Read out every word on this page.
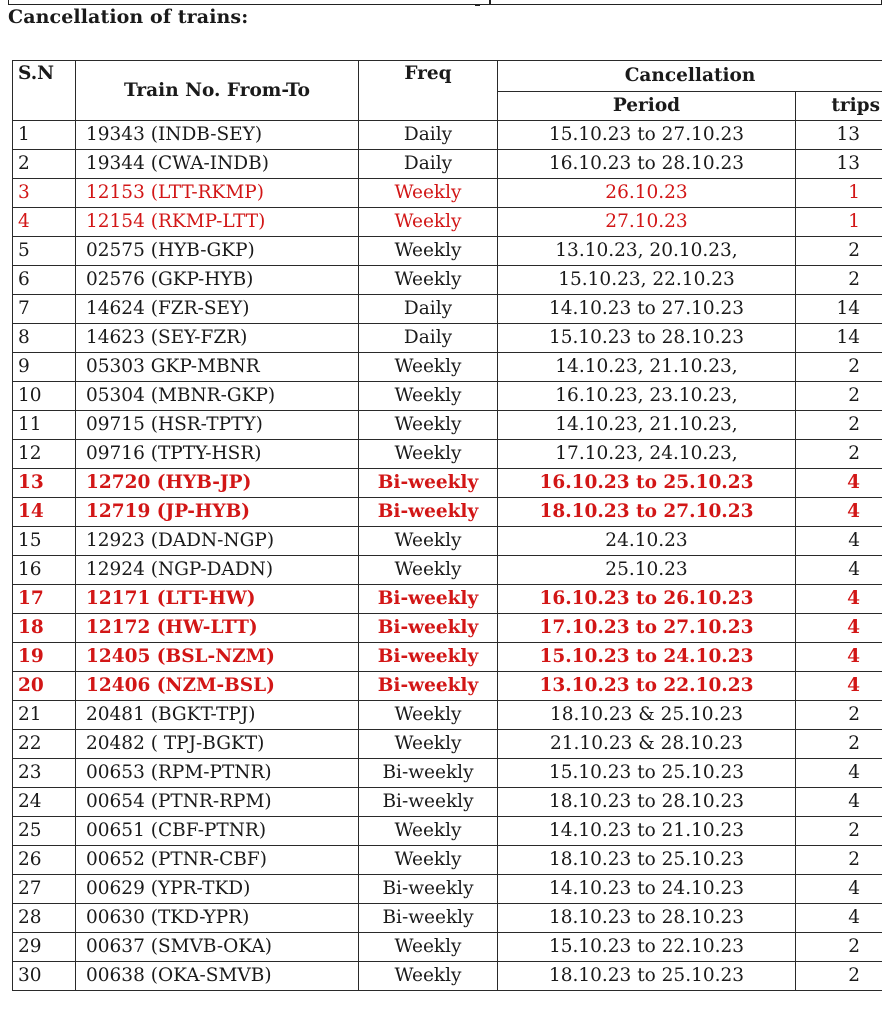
Cancellation of trains:
S.N	Train No. From-To	Freq	Cancellation	
			Period	trips
1	19343 (INDB-SEY)	Daily	15.10.23 to 27.10.23	13
2	19344 (CWA-INDB)	Daily	16.10.23 to 28.10.23	13
3	12153 (LTT-RKMP)	Weekly	26.10.23	1
4	12154 (RKMP-LTT)	Weekly	27.10.23	1
5	02575 (HYB-GKP)	Weekly	13.10.23, 20.10.23,	2
6	02576 (GKP-HYB)	Weekly	15.10.23, 22.10.23	2
7	14624 (FZR-SEY)	Daily	14.10.23 to 27.10.23	14
8	14623 (SEY-FZR)	Daily	15.10.23 to 28.10.23	14
9	05303 GKP-MBNR	Weekly	14.10.23, 21.10.23,	2
10	05304 (MBNR-GKP)	Weekly	16.10.23, 23.10.23,	2
11	09715 (HSR-TPTY)	Weekly	14.10.23, 21.10.23,	2
12	09716 (TPTY-HSR)	Weekly	17.10.23, 24.10.23,	2
13	12720 (HYB-JP)	Bi-weekly	16.10.23 to 25.10.23	4
14	12719 (JP-HYB)	Bi-weekly	18.10.23 to 27.10.23	4
15	12923 (DADN-NGP)	Weekly	24.10.23	4
16	12924 (NGP-DADN)	Weekly	25.10.23	4
17	12171 (LTT-HW)	Bi-weekly	16.10.23 to 26.10.23	4
18	12172 (HW-LTT)	Bi-weekly	17.10.23 to 27.10.23	4
19	12405 (BSL-NZM)	Bi-weekly	15.10.23 to 24.10.23	4
20	12406 (NZM-BSL)	Bi-weekly	13.10.23 to 22.10.23	4
21	20481 (BGKT-TPJ)	Weekly	18.10.23 & 25.10.23	2
22	20482 ( TPJ-BGKT)	Weekly	21.10.23 & 28.10.23	2
23	00653 (RPM-PTNR)	Bi-weekly	15.10.23 to 25.10.23	4
24	00654 (PTNR-RPM)	Bi-weekly	18.10.23 to 28.10.23	4
25	00651 (CBF-PTNR)	Weekly	14.10.23 to 21.10.23	2
26	00652 (PTNR-CBF)	Weekly	18.10.23 to 25.10.23	2
27	00629 (YPR-TKD)	Bi-weekly	14.10.23 to 24.10.23	4
28	00630 (TKD-YPR)	Bi-weekly	18.10.23 to 28.10.23	4
29	00637 (SMVB-OKA)	Weekly	15.10.23 to 22.10.23	2
30	00638 (OKA-SMVB)	Weekly	18.10.23 to 25.10.23	2
